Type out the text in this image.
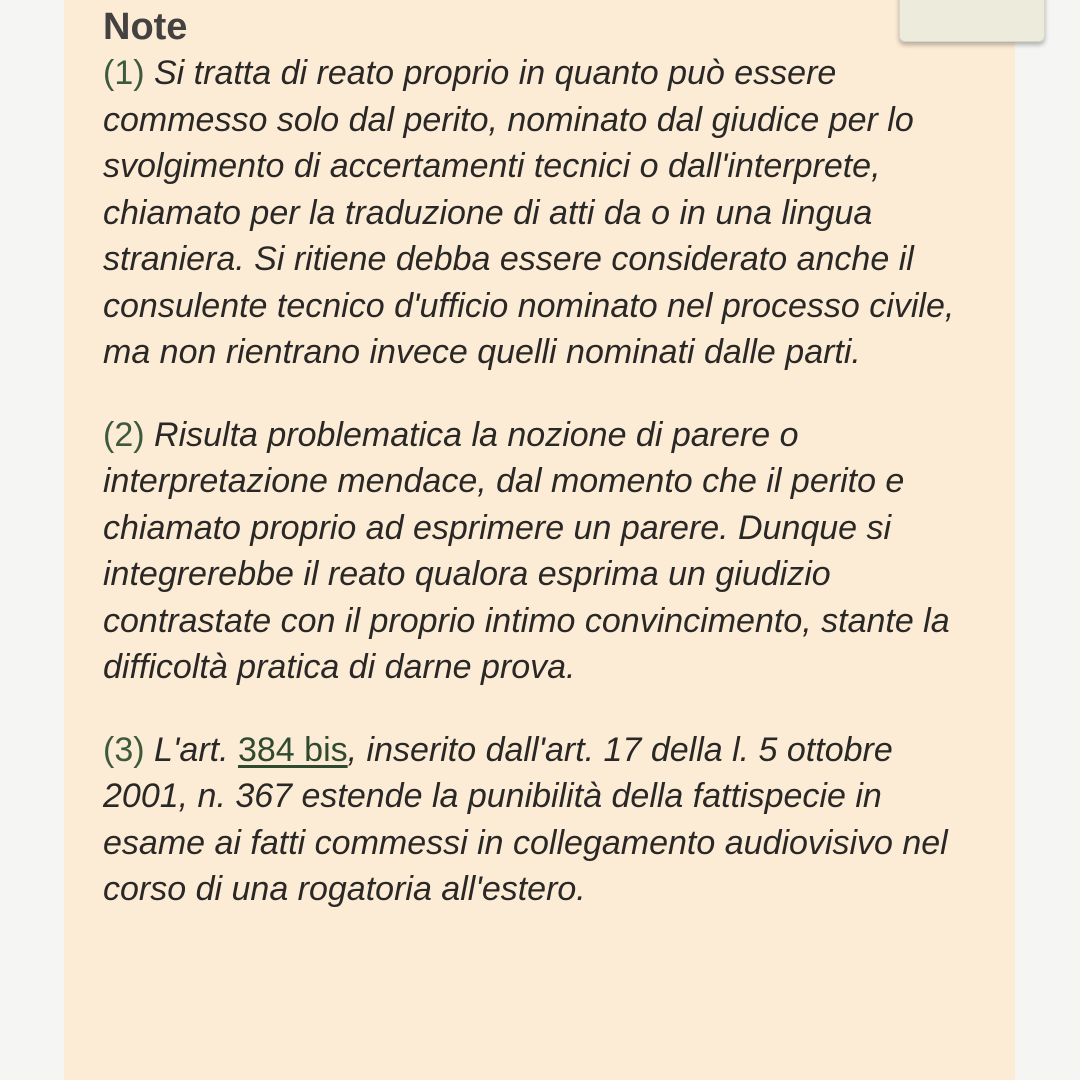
Note

(1) Si tratta di reato proprio in quanto può essere commesso solo dal perito, nominato dal giudice per lo svolgimento di accertamenti tecnici o dall'interprete, chiamato per la traduzione di atti da o in una lingua straniera. Si ritiene debba essere considerato anche il consulente tecnico d'ufficio nominato nel processo civile, ma non rientrano invece quelli nominati dalle parti.

(2) Risulta problematica la nozione di parere o interpretazione mendace, dal momento che il perito e chiamato proprio ad esprimere un parere. Dunque si integrerebbe il reato qualora esprima un giudizio contrastate con il proprio intimo convincimento, stante la difficoltà pratica di darne prova.

(3) L'art. 384 bis, inserito dall'art. 17 della l. 5 ottobre 2001, n. 367 estende la punibilità della fattispecie in esame ai fatti commessi in collegamento audiovisivo nel corso di una rogatoria all'estero.
